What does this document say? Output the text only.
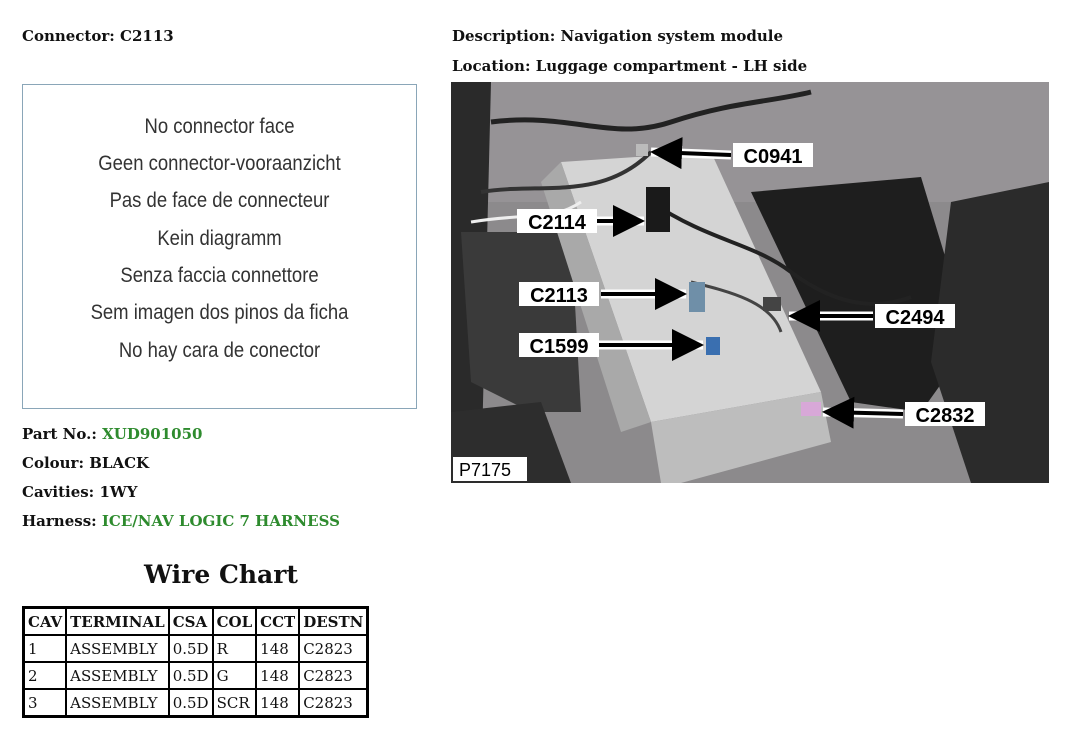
Connector: C2113	Description: Navigation system module
Location: Luggage compartment - LH side
No connector face
Geen connector-vooraanzicht
Pas de face de connecteur
Kein diagramm
Senza faccia connettore
Sem imagen dos pinos da ficha
No hay cara de conector
Part No.: XUD901050
Colour: BLACK
Cavities: 1WY
Harness: ICE/NAV LOGIC 7 HARNESS
Wire Chart
CAV	TERMINAL	CSA	COL	CCT	DESTN
1	ASSEMBLY	0.5D	R	148	C2823
2	ASSEMBLY	0.5D	G	148	C2823
3	ASSEMBLY	0.5D	SCR	148	C2823
C0941
C2114
C2113
C2494
C1599
C2832
P7175
